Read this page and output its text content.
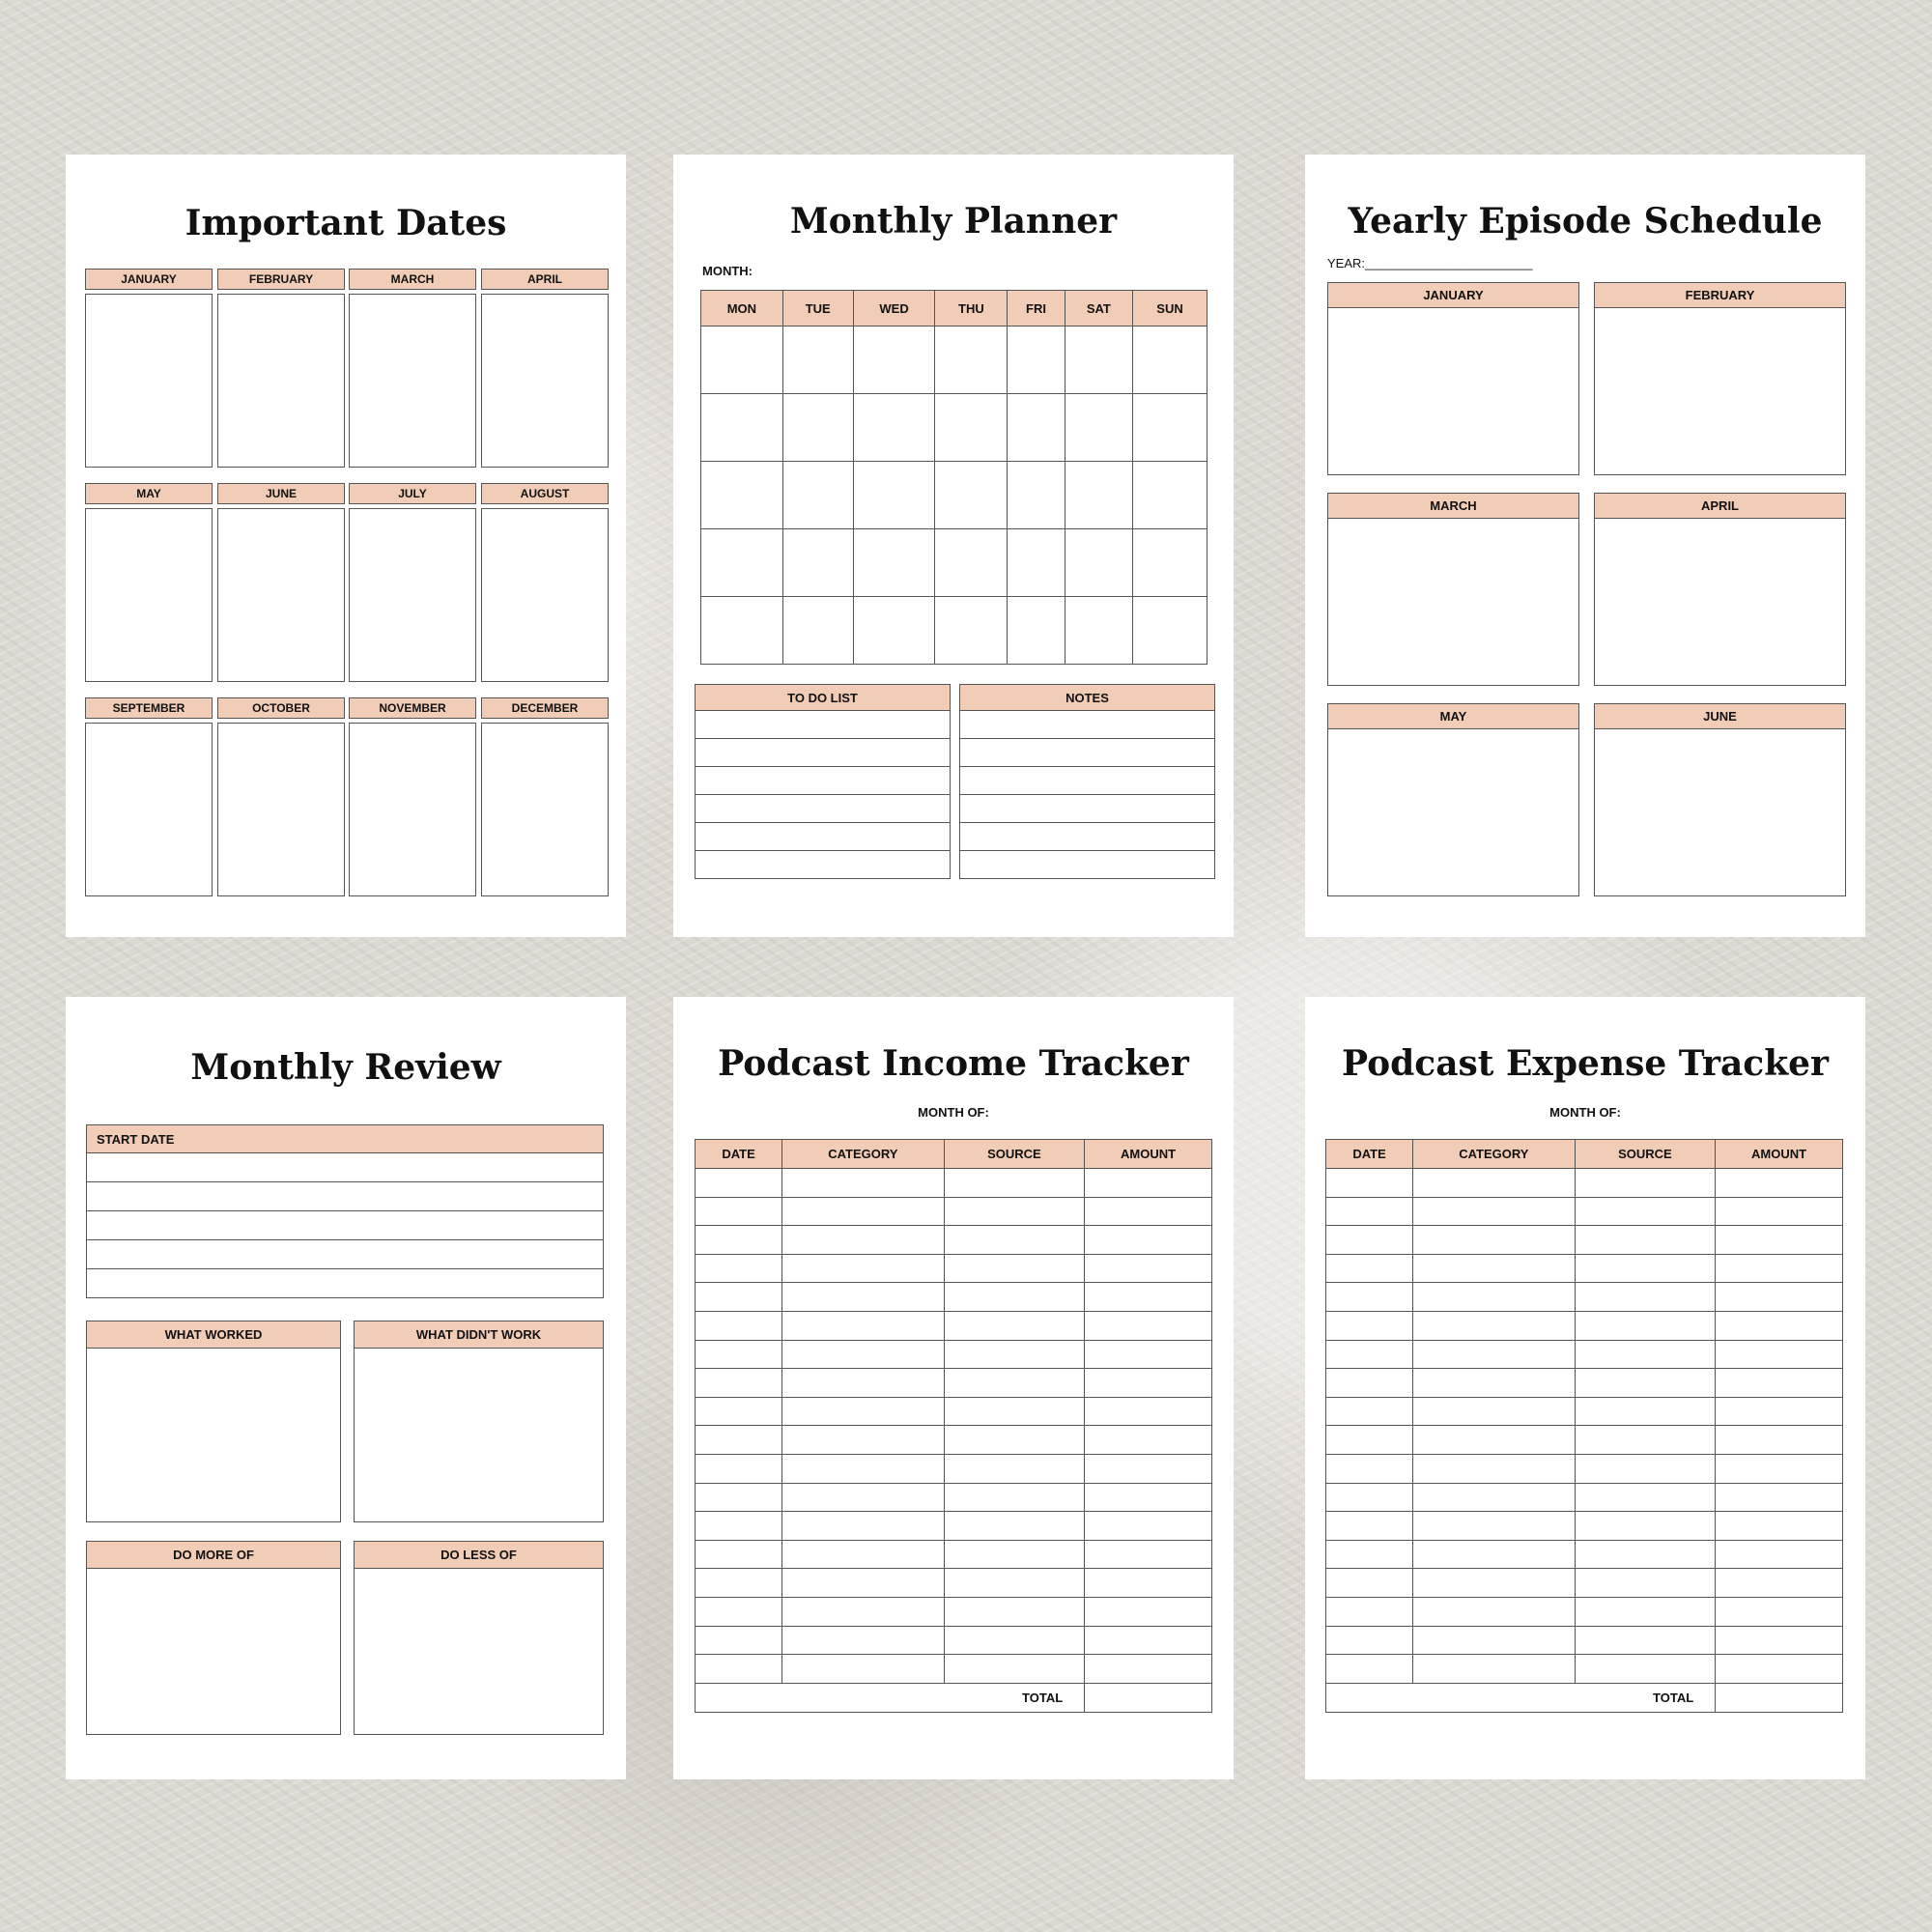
Important Dates
JANUARY	FEBRUARY	MARCH	APRIL
MAY	JUNE	JULY	AUGUST
SEPTEMBER	OCTOBER	NOVEMBER	DECEMBER
Monthly Planner
MONTH:
MON	TUE	WED	THU	FRI	SAT	SUN

TO DO LIST	NOTES
Yearly Episode Schedule
YEAR:________________________
JANUARY	FEBRUARY
MARCH	APRIL
MAY	JUNE
Monthly Review
START DATE
WHAT WORKED	WHAT DIDN'T WORK
DO MORE OF	DO LESS OF
Podcast Income Tracker
MONTH OF:
DATE	CATEGORY	SOURCE	AMOUNT

TOTAL			
Podcast Expense Tracker
MONTH OF:
DATE	CATEGORY	SOURCE	AMOUNT

TOTAL			
